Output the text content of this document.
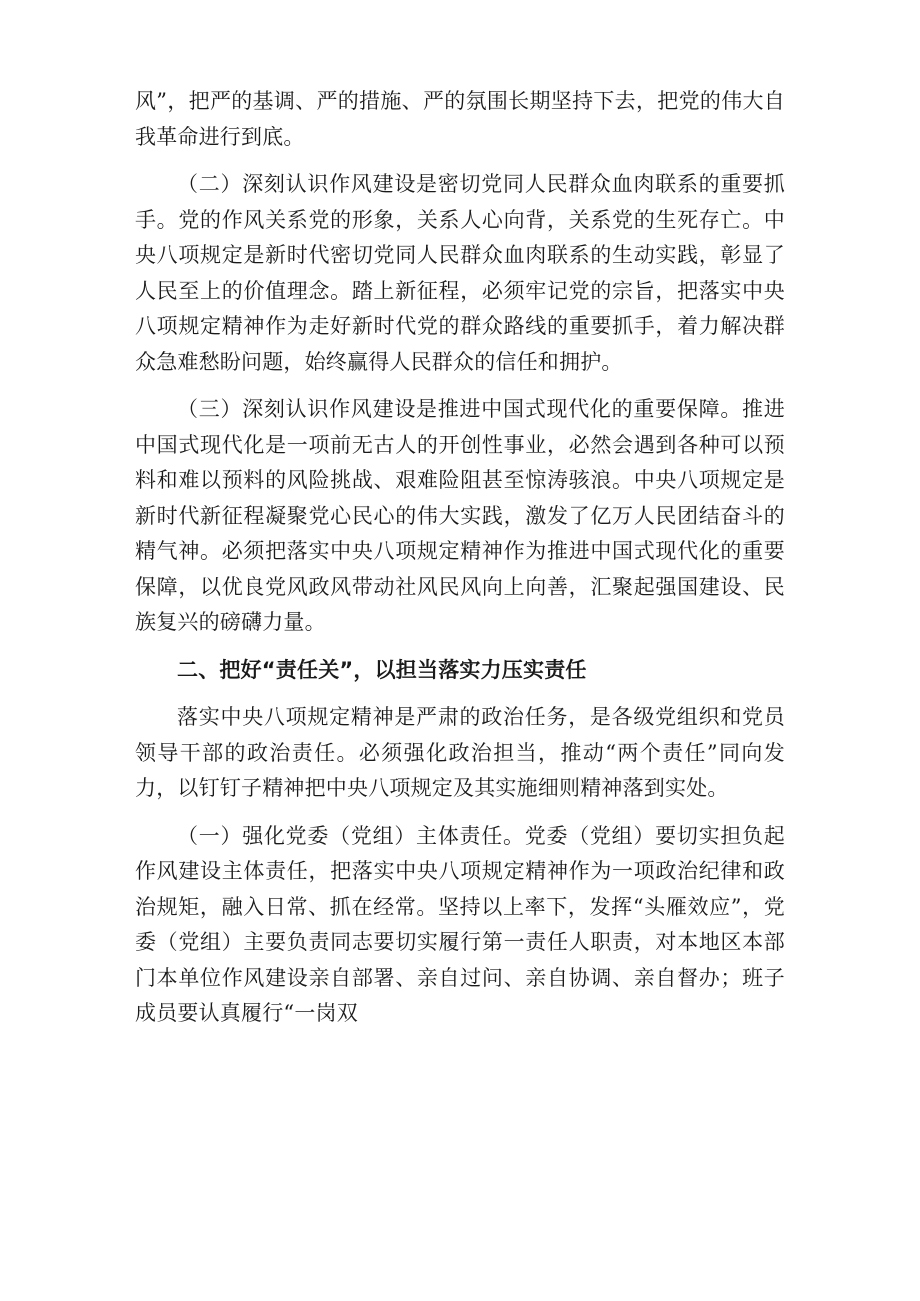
风”，把严的基调、严的措施、严的氛围长期坚持下去，把党的伟大自我革命进行到底。

（二）深刻认识作风建设是密切党同人民群众血肉联系的重要抓手。党的作风关系党的形象，关系人心向背，关系党的生死存亡。中央八项规定是新时代密切党同人民群众血肉联系的生动实践，彰显了人民至上的价值理念。踏上新征程，必须牢记党的宗旨，把落实中央八项规定精神作为走好新时代党的群众路线的重要抓手，着力解决群众急难愁盼问题，始终赢得人民群众的信任和拥护。

（三）深刻认识作风建设是推进中国式现代化的重要保障。推进中国式现代化是一项前无古人的开创性事业，必然会遇到各种可以预料和难以预料的风险挑战、艰难险阻甚至惊涛骇浪。中央八项规定是新时代新征程凝聚党心民心的伟大实践，激发了亿万人民团结奋斗的精气神。必须把落实中央八项规定精神作为推进中国式现代化的重要保障，以优良党风政风带动社风民风向上向善，汇聚起强国建设、民族复兴的磅礴力量。

二、把好“责任关”，以担当落实力压实责任

落实中央八项规定精神是严肃的政治任务，是各级党组织和党员领导干部的政治责任。必须强化政治担当，推动“两个责任”同向发力，以钉钉子精神把中央八项规定及其实施细则精神落到实处。

（一）强化党委（党组）主体责任。党委（党组）要切实担负起作风建设主体责任，把落实中央八项规定精神作为一项政治纪律和政治规矩，融入日常、抓在经常。坚持以上率下，发挥“头雁效应”，党委（党组）主要负责同志要切实履行第一责任人职责，对本地区本部门本单位作风建设亲自部署、亲自过问、亲自协调、亲自督办；班子成员要认真履行“一岗双
